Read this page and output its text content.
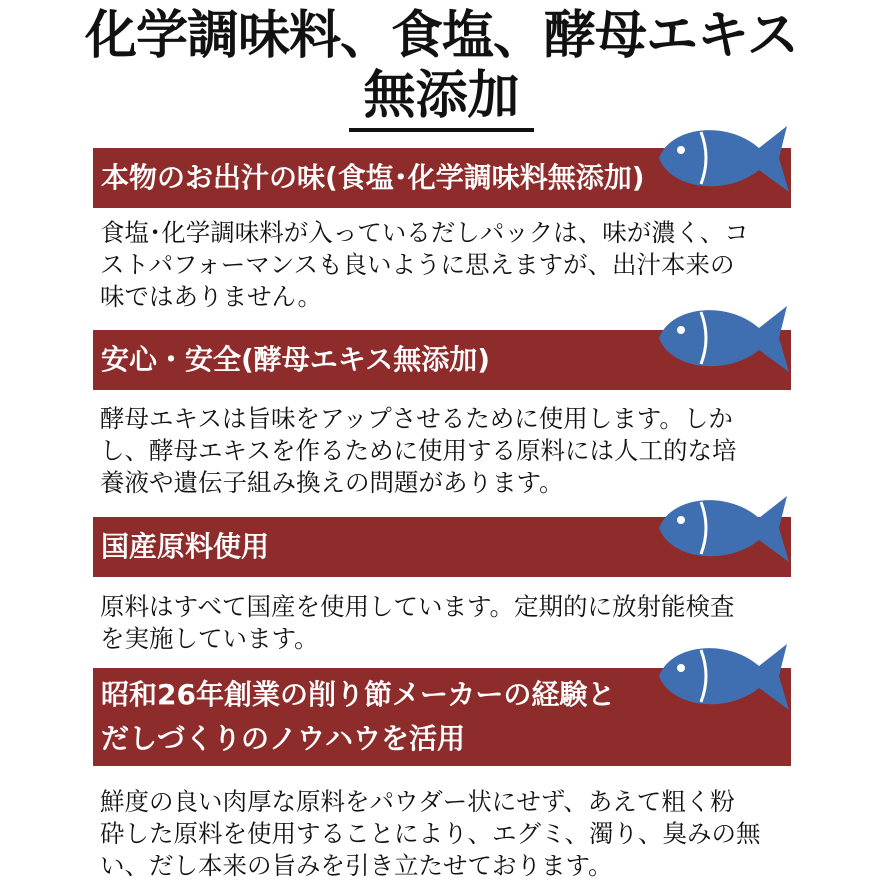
化学調味料、食塩、酵母エキス
無添加
本物のお出汁の味(食塩･化学調味料無添加)
食塩･化学調味料が入っているだしパックは、味が濃く、コ
ストパフォーマンスも良いように思えますが、出汁本来の
味ではありません。
安心・安全(酵母エキス無添加)
酵母エキスは旨味をアップさせるために使用します。しか
し、酵母エキスを作るために使用する原料には人工的な培
養液や遺伝子組み換えの問題があります。
国産原料使用
原料はすべて国産を使用しています。定期的に放射能検査
を実施しています。
昭和26年創業の削り節メーカーの経験と
だしづくりのノウハウを活用
鮮度の良い肉厚な原料をパウダー状にせず、あえて粗く粉
砕した原料を使用することにより、エグミ、濁り、臭みの無
い、だし本来の旨みを引き立たせております。
